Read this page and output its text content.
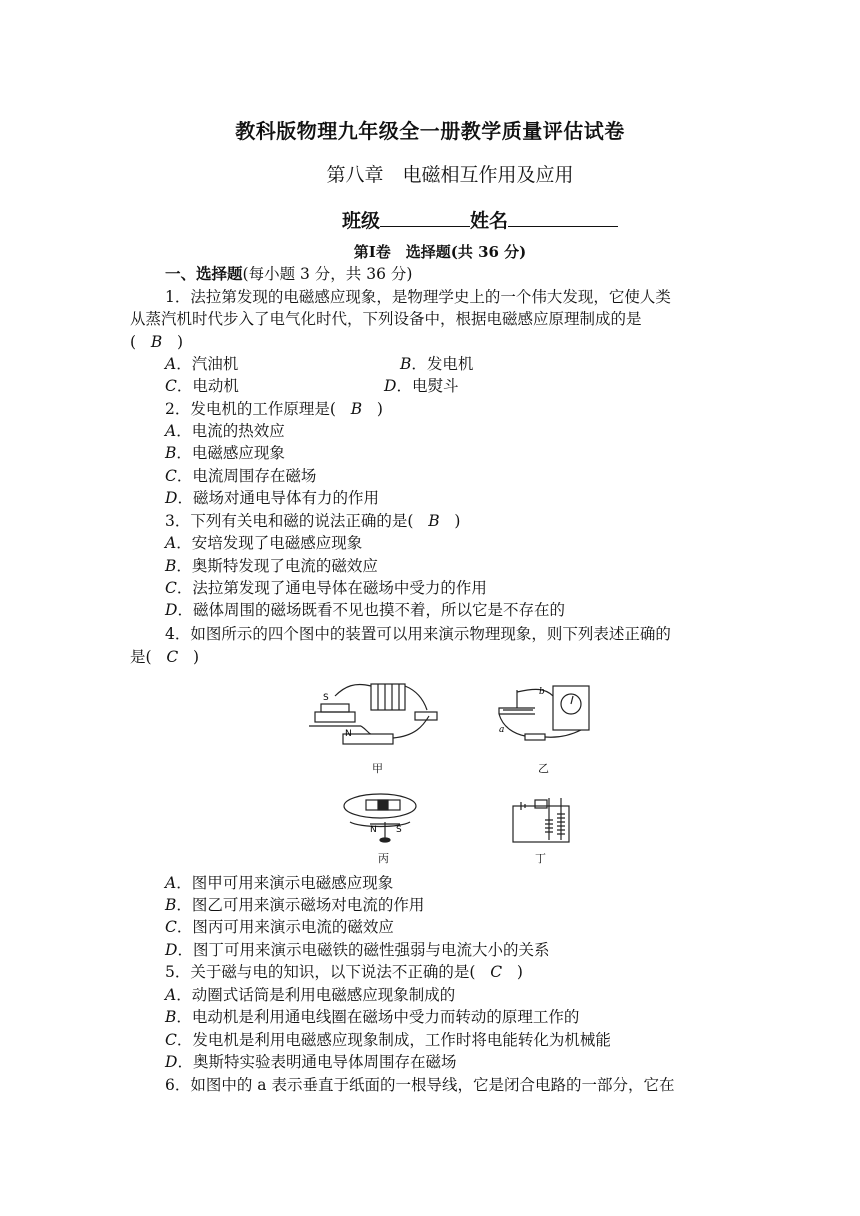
教科版物理九年级全一册教学质量评估试卷
第八章　电磁相互作用及应用
班级	姓名
第Ⅰ卷　选择题(共 36 分)
一、选择题(每小题 3 分，共 36 分)
1．法拉第发现的电磁感应现象，是物理学史上的一个伟大发现，它使人类
从蒸汽机时代步入了电气化时代，下列设备中，根据电磁感应原理制成的是
( B )
A．汽油机	B．发电机
C．电动机	D．电熨斗
2．发电机的工作原理是( B )
A．电流的热效应
B．电磁感应现象
C．电流周围存在磁场
D．磁场对通电导体有力的作用
3．下列有关电和磁的说法正确的是( B )
A．安培发现了电磁感应现象
B．奥斯特发现了电流的磁效应
C．法拉第发现了通电导体在磁场中受力的作用
D．磁体周围的磁场既看不见也摸不着，所以它是不存在的
4．如图所示的四个图中的装置可以用来演示物理现象，则下列表述正确的
是( C )
S
N
甲
b
a
乙
N S
丙	丁
A．图甲可用来演示电磁感应现象
B．图乙可用来演示磁场对电流的作用
C．图丙可用来演示电流的磁效应
D．图丁可用来演示电磁铁的磁性强弱与电流大小的关系
5．关于磁与电的知识，以下说法不正确的是( C )
A．动圈式话筒是利用电磁感应现象制成的
B．电动机是利用通电线圈在磁场中受力而转动的原理工作的
C．发电机是利用电磁感应现象制成，工作时将电能转化为机械能
D．奥斯特实验表明通电导体周围存在磁场
6．如图中的 a 表示垂直于纸面的一根导线，它是闭合电路的一部分，它在
